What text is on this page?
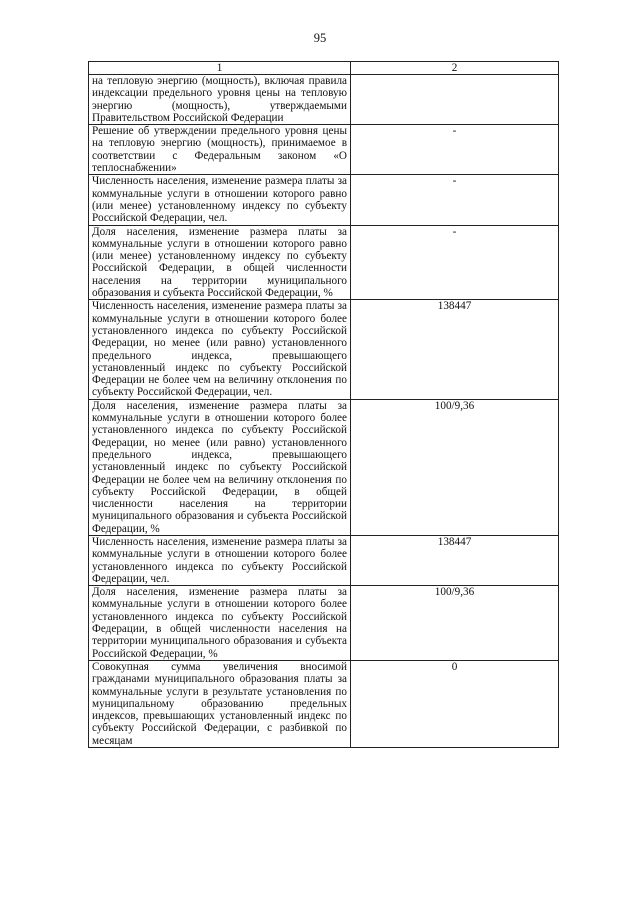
95
1	2
на тепловую энергию (мощность), включая правила индексации предельного уровня цены на тепловую энергию (мощность), утверждаемыми Правительством Российской Федерации	
Решение об утверждении предельного уровня цены на тепловую энергию (мощность), принимаемое в соответствии с Федеральным законом «О теплоснабжении»	-
Численность населения, изменение размера платы за коммунальные услуги в отношении которого равно (или менее) установленному индексу по субъекту Российской Федерации, чел.	-
Доля населения, изменение размера платы за коммунальные услуги в отношении которого равно (или менее) установленному индексу по субъекту Российской Федерации, в общей численности населения на территории муниципального образования и субъекта Российской Федерации, %	-
Численность населения, изменение размера платы за коммунальные услуги в отношении которого более установленного индекса по субъекту Российской Федерации, но менее (или равно) установленного предельного индекса, превышающего установленный индекс по субъекту Российской Федерации не более чем на величину отклонения по субъекту Российской Федерации, чел.	138447
Доля населения, изменение размера платы за коммунальные услуги в отношении которого более установленного индекса по субъекту Российской Федерации, но менее (или равно) установленного предельного индекса, превышающего установленный индекс по субъекту Российской Федерации не более чем на величину отклонения по субъекту Российской Федерации, в общей численности населения на территории муниципального образования и субъекта Российской Федерации, %	100/9,36
Численность населения, изменение размера платы за коммунальные услуги в отношении которого более установленного индекса по субъекту Российской Федерации, чел.	138447
Доля населения, изменение размера платы за коммунальные услуги в отношении которого более установленного индекса по субъекту Российской Федерации, в общей численности населения на территории муниципального образования и субъекта Российской Федерации, %	100/9,36
Совокупная сумма увеличения вносимой гражданами муниципального образования платы за коммунальные услуги в результате установления по муниципальному образованию предельных индексов, превышающих установленный индекс по субъекту Российской Федерации, с разбивкой по месяцам	0
